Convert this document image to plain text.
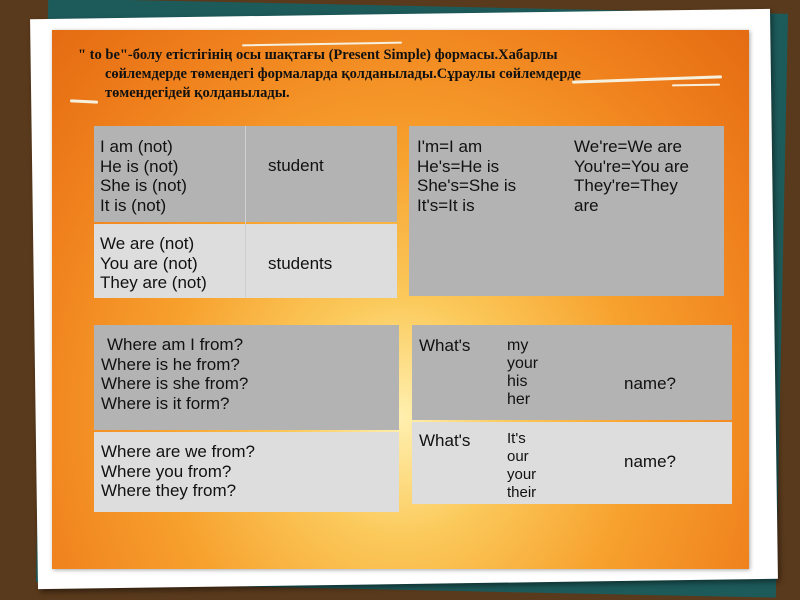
" to be"-болу етістігінің осы шақтағы (Present Simple) формасы.Хабарлы
сөйлемдерде төмендегі формаларда қолданылады.Сұраулы сөйлемдерде
төмендегідей қолданылады.

I am (not)
He is (not)
She is (not)
It is (not)
student
We are (not)
You are (not)
They are (not)
students
I'm=I am
He's=He is
She's=She is
It's=It is
We're=We are
You're=You are
They're=They
are
Where am I from?
Where is he from?
Where is she from?
Where is it form?
Where are we from?
Where you from?
Where they from?
What's my
your
his
her
name?
What's It's
our
your
their
name?
